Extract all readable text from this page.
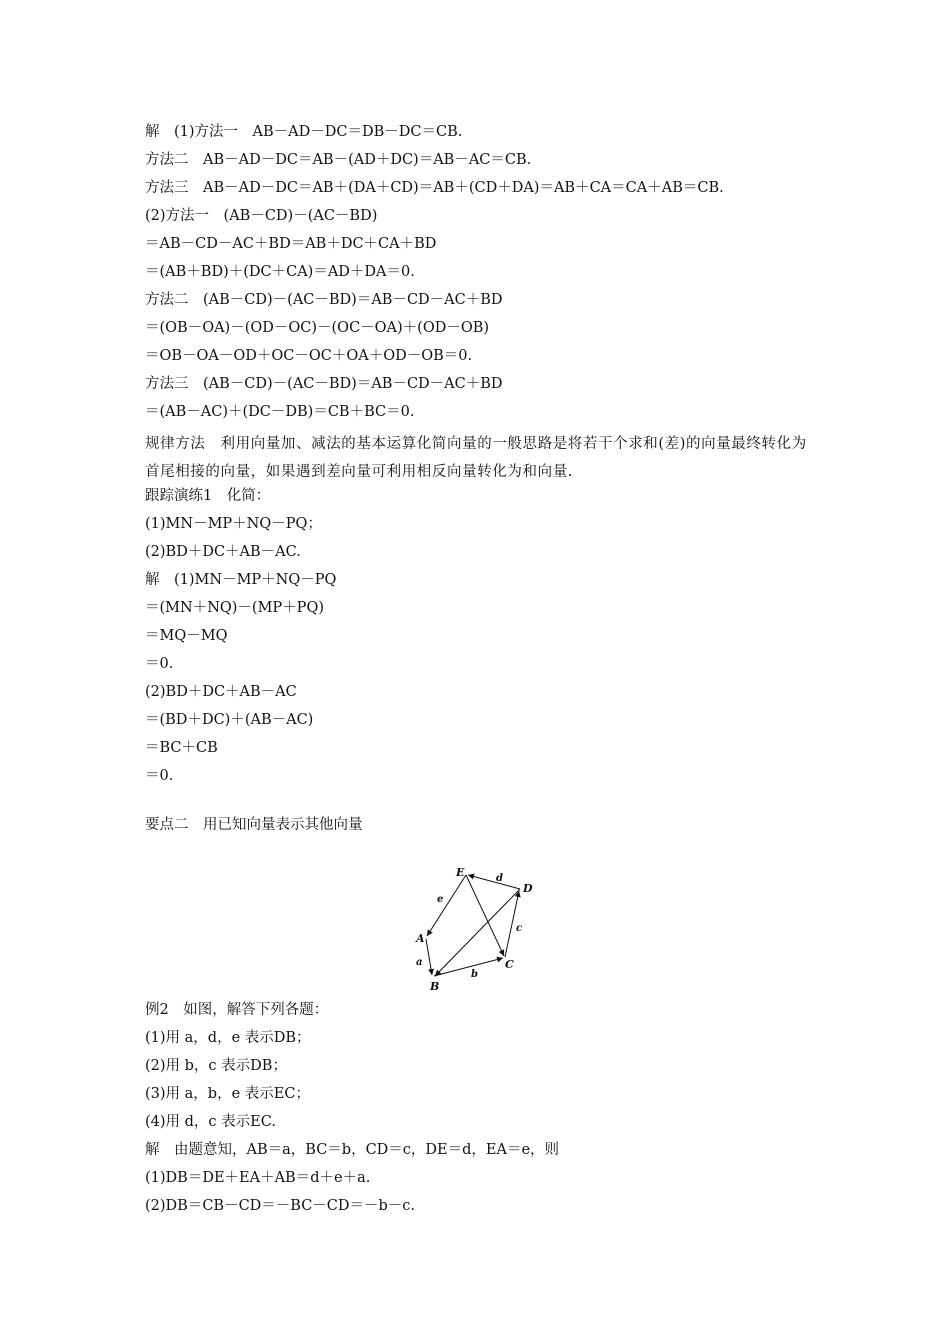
解　(1)方法一　AB－AD－DC＝DB－DC＝CB.
方法二　AB－AD－DC＝AB－(AD＋DC)＝AB－AC＝CB.
方法三　AB－AD－DC＝AB＋(DA＋CD)＝AB＋(CD＋DA)＝AB＋CA＝CA＋AB＝CB.
(2)方法一　(AB－CD)－(AC－BD)
＝AB－CD－AC＋BD＝AB＋DC＋CA＋BD
＝(AB＋BD)＋(DC＋CA)＝AD＋DA＝0.
方法二　(AB－CD)－(AC－BD)＝AB－CD－AC＋BD
＝(OB－OA)－(OD－OC)－(OC－OA)＋(OD－OB)
＝OB－OA－OD＋OC－OC＋OA＋OD－OB＝0.
方法三　(AB－CD)－(AC－BD)＝AB－CD－AC＋BD
＝(AB－AC)＋(DC－DB)＝CB＋BC＝0.
规律方法　利用向量加、减法的基本运算化简向量的一般思路是将若干个求和(差)的向量最终转化为首尾相接的向量，如果遇到差向量可利用相反向量转化为和向量.
跟踪演练1　化简：
(1)MN－MP＋NQ－PQ；
(2)BD＋DC＋AB－AC.
解　(1)MN－MP＋NQ－PQ
＝(MN＋NQ)－(MP＋PQ)
＝MQ－MQ
＝0.
(2)BD＋DC＋AB－AC
＝(BD＋DC)＋(AB－AC)
＝BC＋CB
＝0.
要点二　用已知向量表示其他向量
E
D
A
B
C
e
d
c
a
b
例2　如图，解答下列各题：
(1)用 a，d，e 表示DB；
(2)用 b，c 表示DB；
(3)用 a，b，e 表示EC；
(4)用 d，c 表示EC.
解　由题意知，AB＝a，BC＝b，CD＝c，DE＝d，EA＝e，则
(1)DB＝DE＋EA＋AB＝d＋e＋a.
(2)DB＝CB－CD＝－BC－CD＝－b－c.
